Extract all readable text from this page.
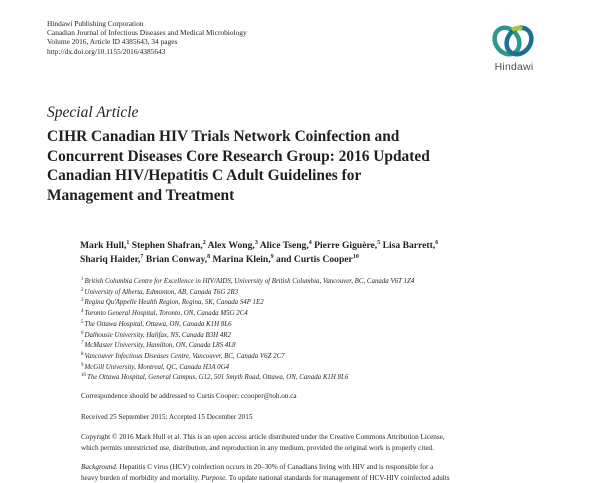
Hindawi Publishing Corporation
Canadian Journal of Infectious Diseases and Medical Microbiology
Volume 2016, Article ID 4385643, 34 pages
http://dx.doi.org/10.1155/2016/4385643
Hindawi
Special Article
CIHR Canadian HIV Trials Network Coinfection and
Concurrent Diseases Core Research Group: 2016 Updated
Canadian HIV/Hepatitis C Adult Guidelines for
Management and Treatment
Mark Hull,$^1$ Stephen Shafran,$^2$ Alex Wong,$^3$ Alice Tseng,$^4$ Pierre Giguère,$^5$ Lisa Barrett,$^6$
Shariq Haider,$^7$ Brian Conway,$^8$ Marina Klein,$^9$ and Curtis Cooper$^{10}$
$^1$British Columbia Centre for Excellence in HIV/AIDS, University of British Columbia, Vancouver, BC, Canada V6T 1Z4
$^2$University of Alberta, Edmonton, AB, Canada T6G 2R3
$^3$Regina Qu'Appelle Health Region, Regina, SK, Canada S4P 1E2
$^4$Toronto General Hospital, Toronto, ON, Canada M5G 2C4
$^5$The Ottawa Hospital, Ottawa, ON, Canada K1H 8L6
$^6$Dalhousie University, Halifax, NS, Canada B3H 4R2
$^7$McMaster University, Hamilton, ON, Canada L8S 4L8
$^8$Vancouver Infectious Diseases Centre, Vancouver, BC, Canada V6Z 2C7
$^9$McGill University, Montreal, QC, Canada H3A 0G4
$^{10}$The Ottawa Hospital, General Campus, G12, 501 Smyth Road, Ottawa, ON, Canada K1H 8L6
Correspondence should be addressed to Curtis Cooper; ccooper@toh.on.ca
Received 25 September 2015; Accepted 15 December 2015
Copyright © 2016 Mark Hull et al. This is an open access article distributed under the Creative Commons Attribution License,
which permits unrestricted use, distribution, and reproduction in any medium, provided the original work is properly cited.
Background. Hepatitis C virus (HCV) coinfection occurs in 20–30% of Canadians living with HIV and is responsible for a
heavy burden of morbidity and mortality. Purpose. To update national standards for management of HCV-HIV coinfected adults
